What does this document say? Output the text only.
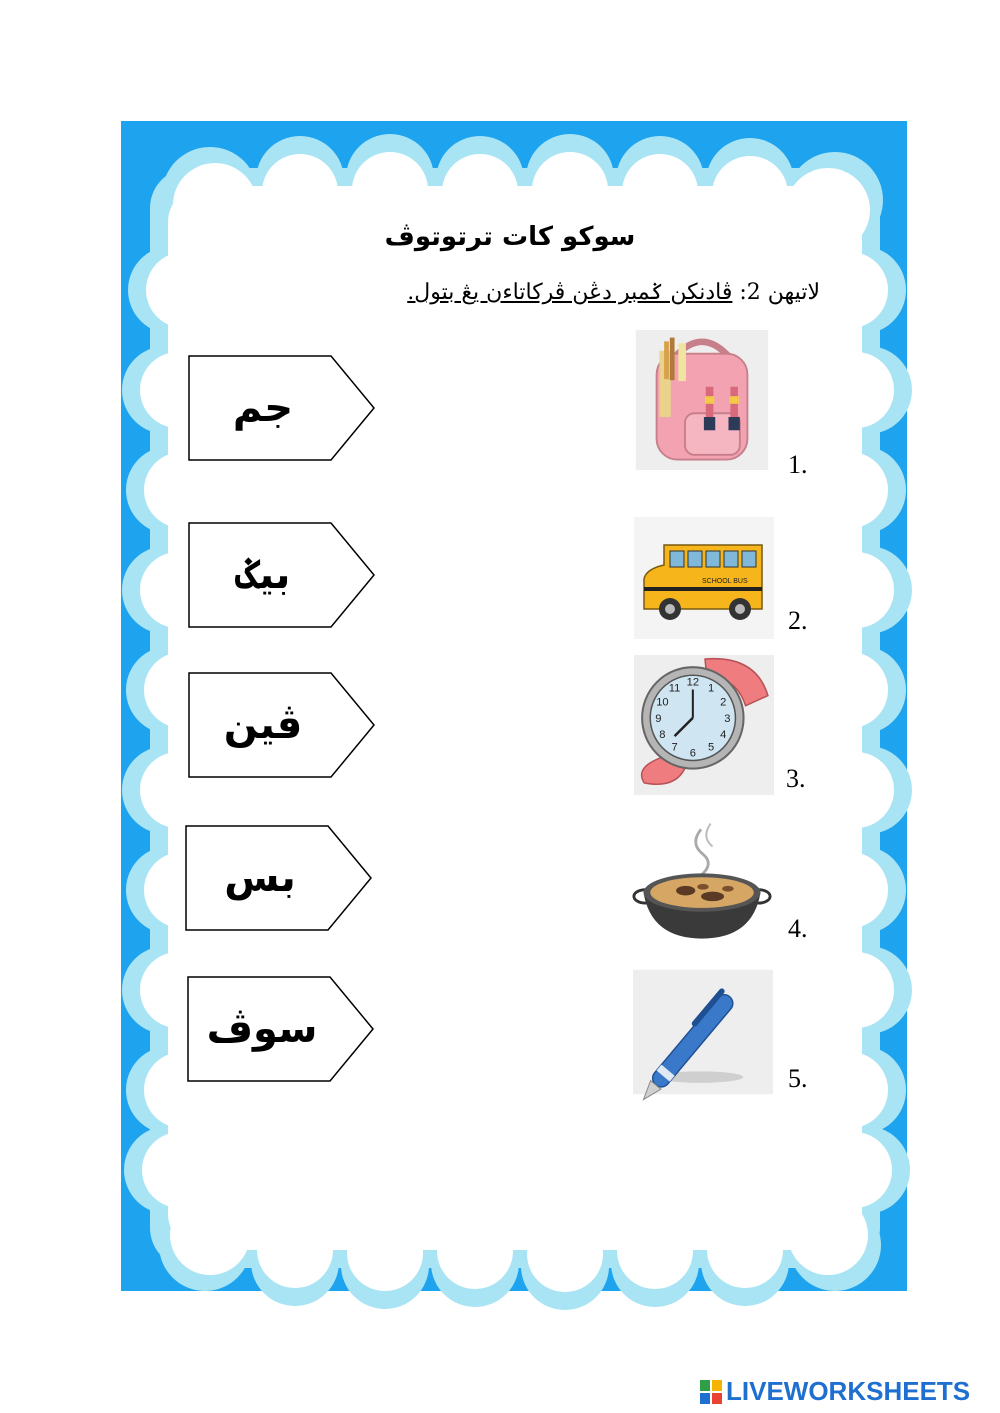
سوكو كات ترتوتوڤ
لاتيهن 2: ڤادنكن ݢمبر دڠن ڤركاتاءن يڠ بتول.
جم
بيݢ
ڤين
بس
سوڤ
1.
SCHOOL BUS
2.
12
1
2
3
4
5
6
7
8
9
10
11
3.
4.
5.
LIVEWORKSHEETS
